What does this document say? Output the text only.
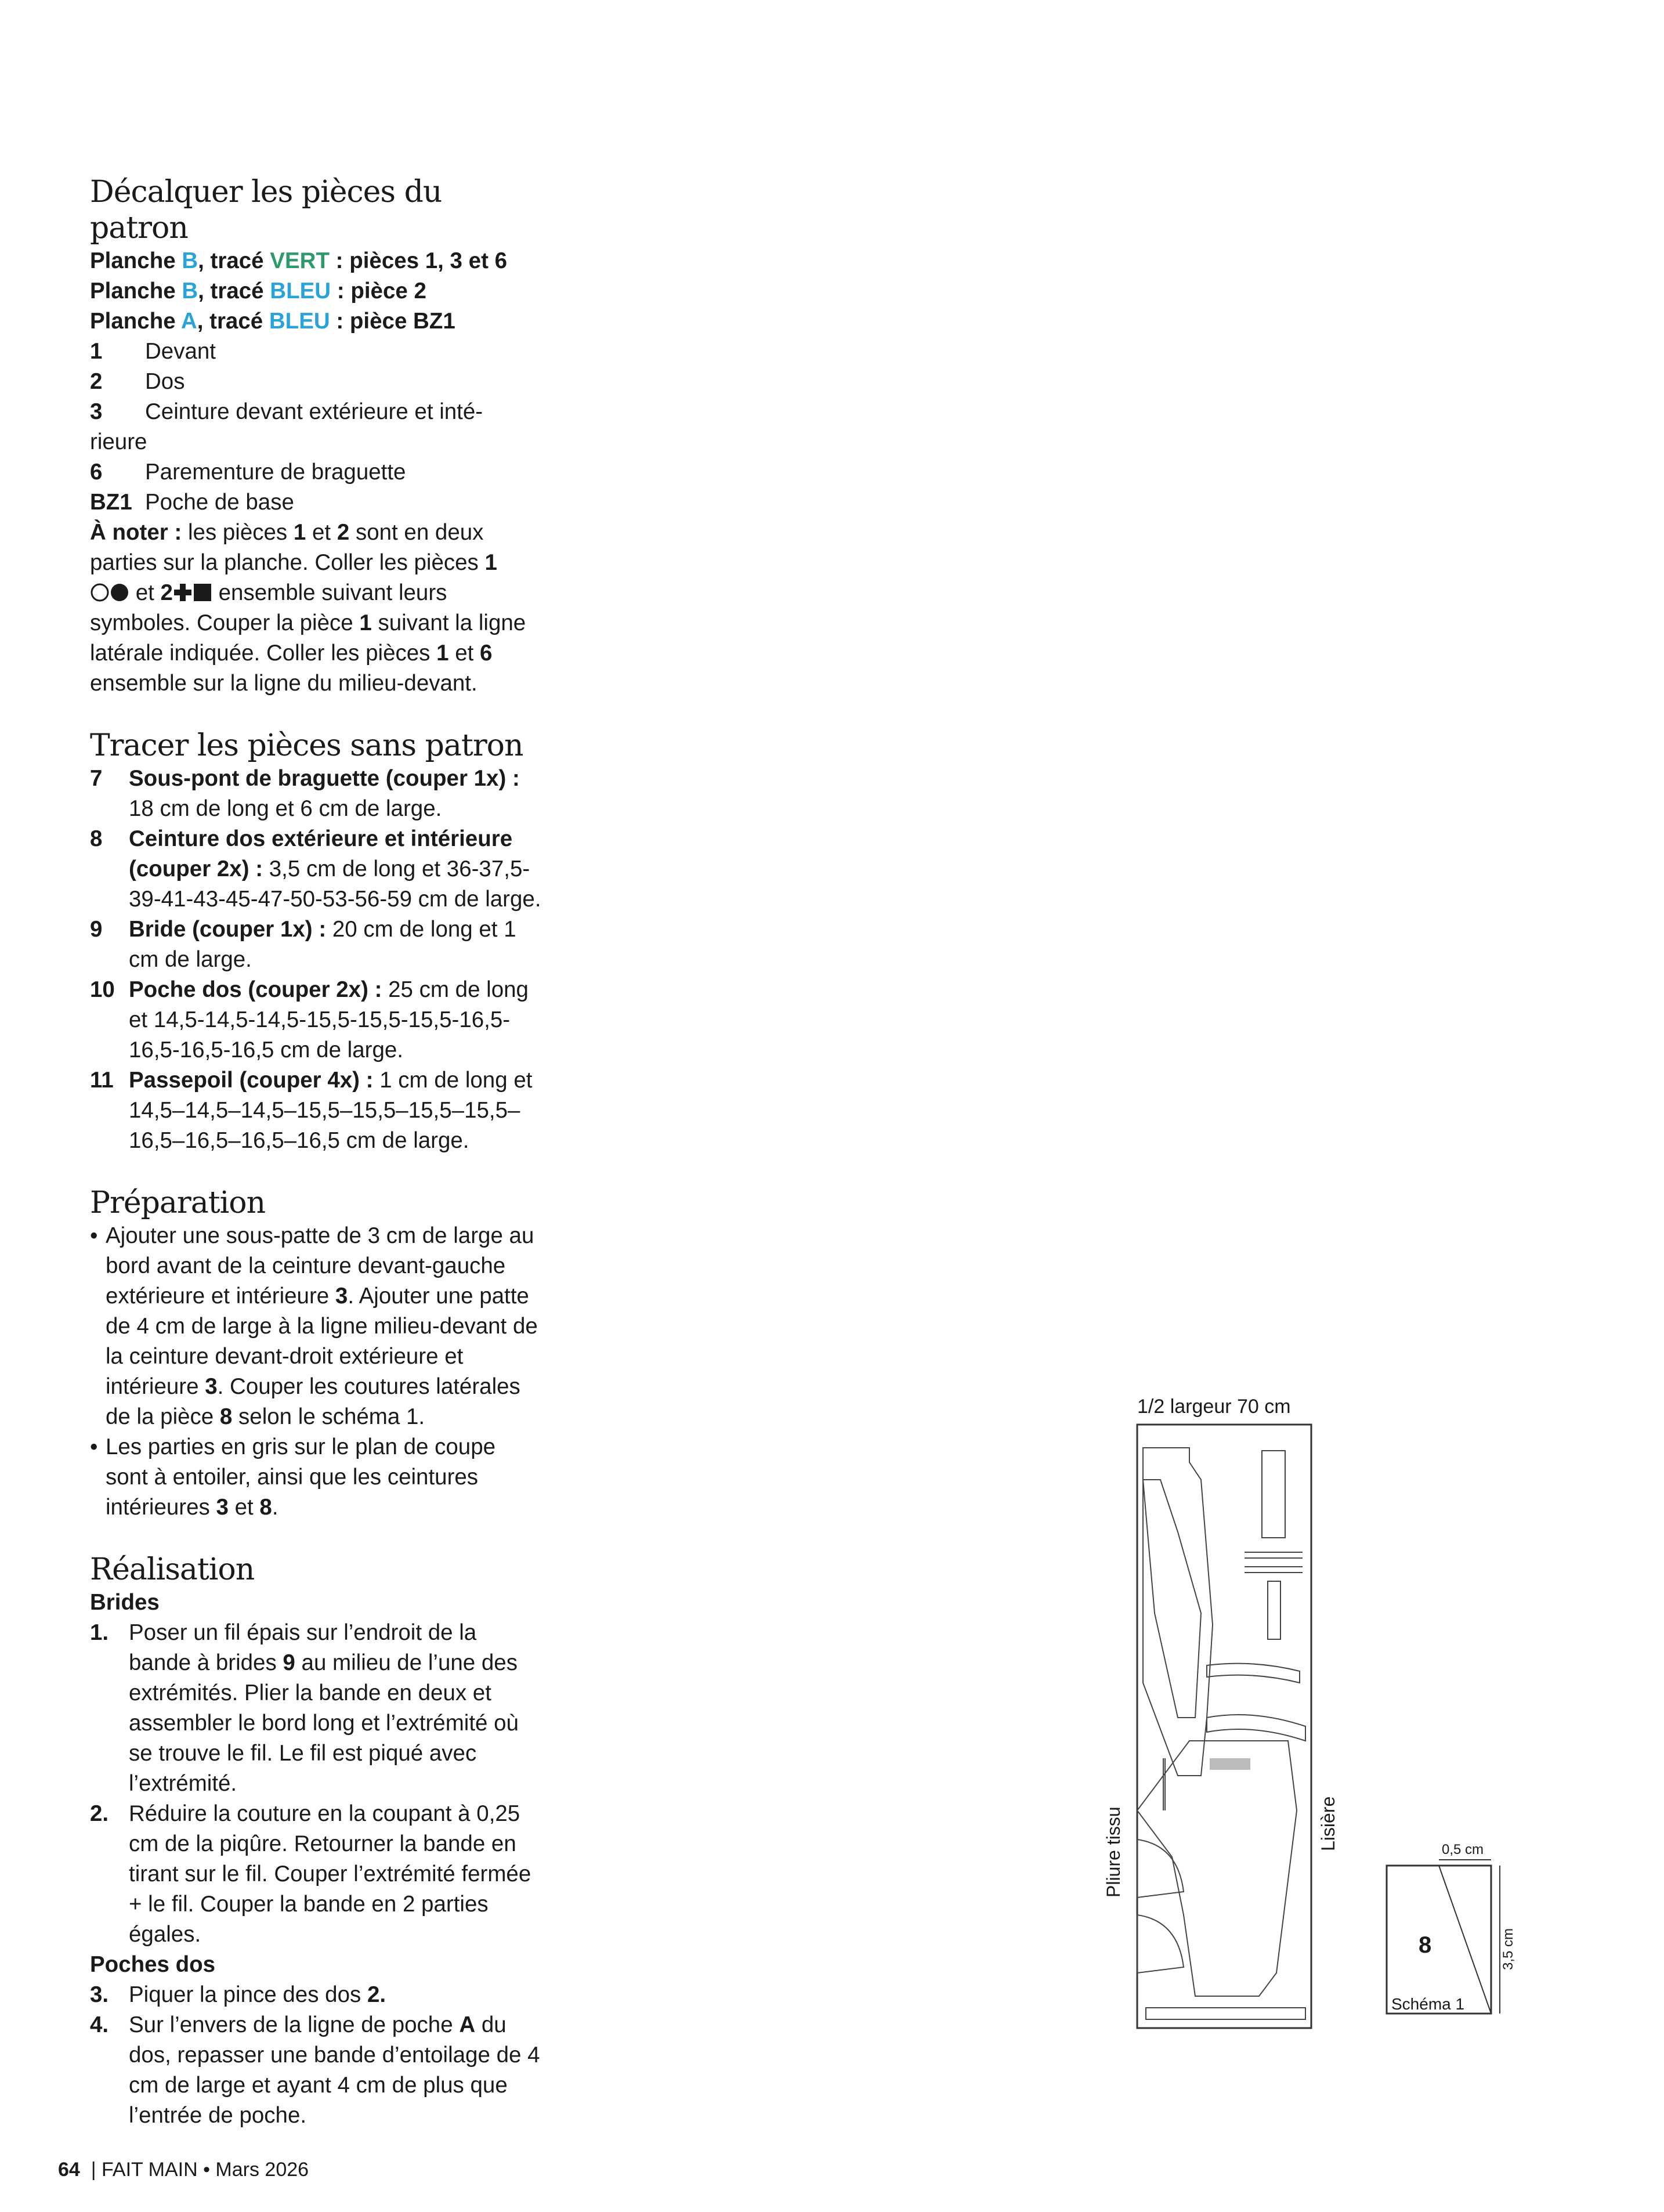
Décalquer les pièces du patron

Planche B, tracé VERT : pièces 1, 3 et 6

Planche B, tracé BLEU : pièce 2

Planche A, tracé BLEU : pièce BZ1

1	Devant
2	Dos
3	Ceinture devant extérieure et inté-
rieure
6	Parementure de braguette
BZ1 Poche de base

À noter : les pièces 1 et 2 sont en deux parties sur la planche. Coller les pièces 1
et 2 ensemble suivant leurs symboles. Couper la pièce 1 suivant la ligne latérale indiquée. Coller les pièces 1 et 6 ensemble sur la ligne du milieu-devant.

Tracer les pièces sans patron
7	Sous-pont de braguette (couper 1x) : 18 cm de long et 6 cm de large.
8	Ceinture dos extérieure et intérieure (couper 2x) : 3,5 cm de long et 36-37,5-39-41-43-45-47-50-53-56-59 cm de large.
9	Bride (couper 1x) : 20 cm de long et 1 cm de large.
10 Poche dos (couper 2x) : 25 cm de long et 14,5-14,5-14,5-15,5-15,5-15,5-16,5-16,5-16,5-16,5 cm de large.
11 Passepoil (couper 4x) : 1 cm de long et 14,5–14,5–14,5–15,5–15,5–15,5–15,5–16,5–16,5–16,5–16,5 cm de large.
Préparation
• Ajouter une sous-patte de 3 cm de large au bord avant de la ceinture devant-gauche extérieure et intérieure 3. Ajouter une patte de 4 cm de large à la ligne milieu-devant de la ceinture devant-droit extérieure et intérieure 3. Couper les coutures latérales de la pièce 8 selon le schéma 1.
• Les parties en gris sur le plan de coupe sont à entoiler, ainsi que les ceintures intérieures 3 et 8.
Réalisation
Brides
1. Poser un fil épais sur l’endroit de la bande à brides 9 au milieu de l’une des extrémités. Plier la bande en deux et assembler le bord long et l’extrémité où se trouve le fil. Le fil est piqué avec l’extrémité.
2. Réduire la couture en la coupant à 0,25 cm de la piqûre. Retourner la bande en tirant sur le fil. Couper l’extrémité fermée + le fil. Couper la bande en 2 parties égales.
Poches dos
3. Piquer la pince des dos 2.
4. Sur l’envers de la ligne de poche A du dos, repasser une bande d’entoilage de 4 cm de large et ayant 4 cm de plus que l’entrée de poche.
1/2 largeur 70 cm
Pliure tissu	Lisière	0,5 cm
3,5 cm
8
Schéma 1
64  | FAIT MAIN • Mars 2026
